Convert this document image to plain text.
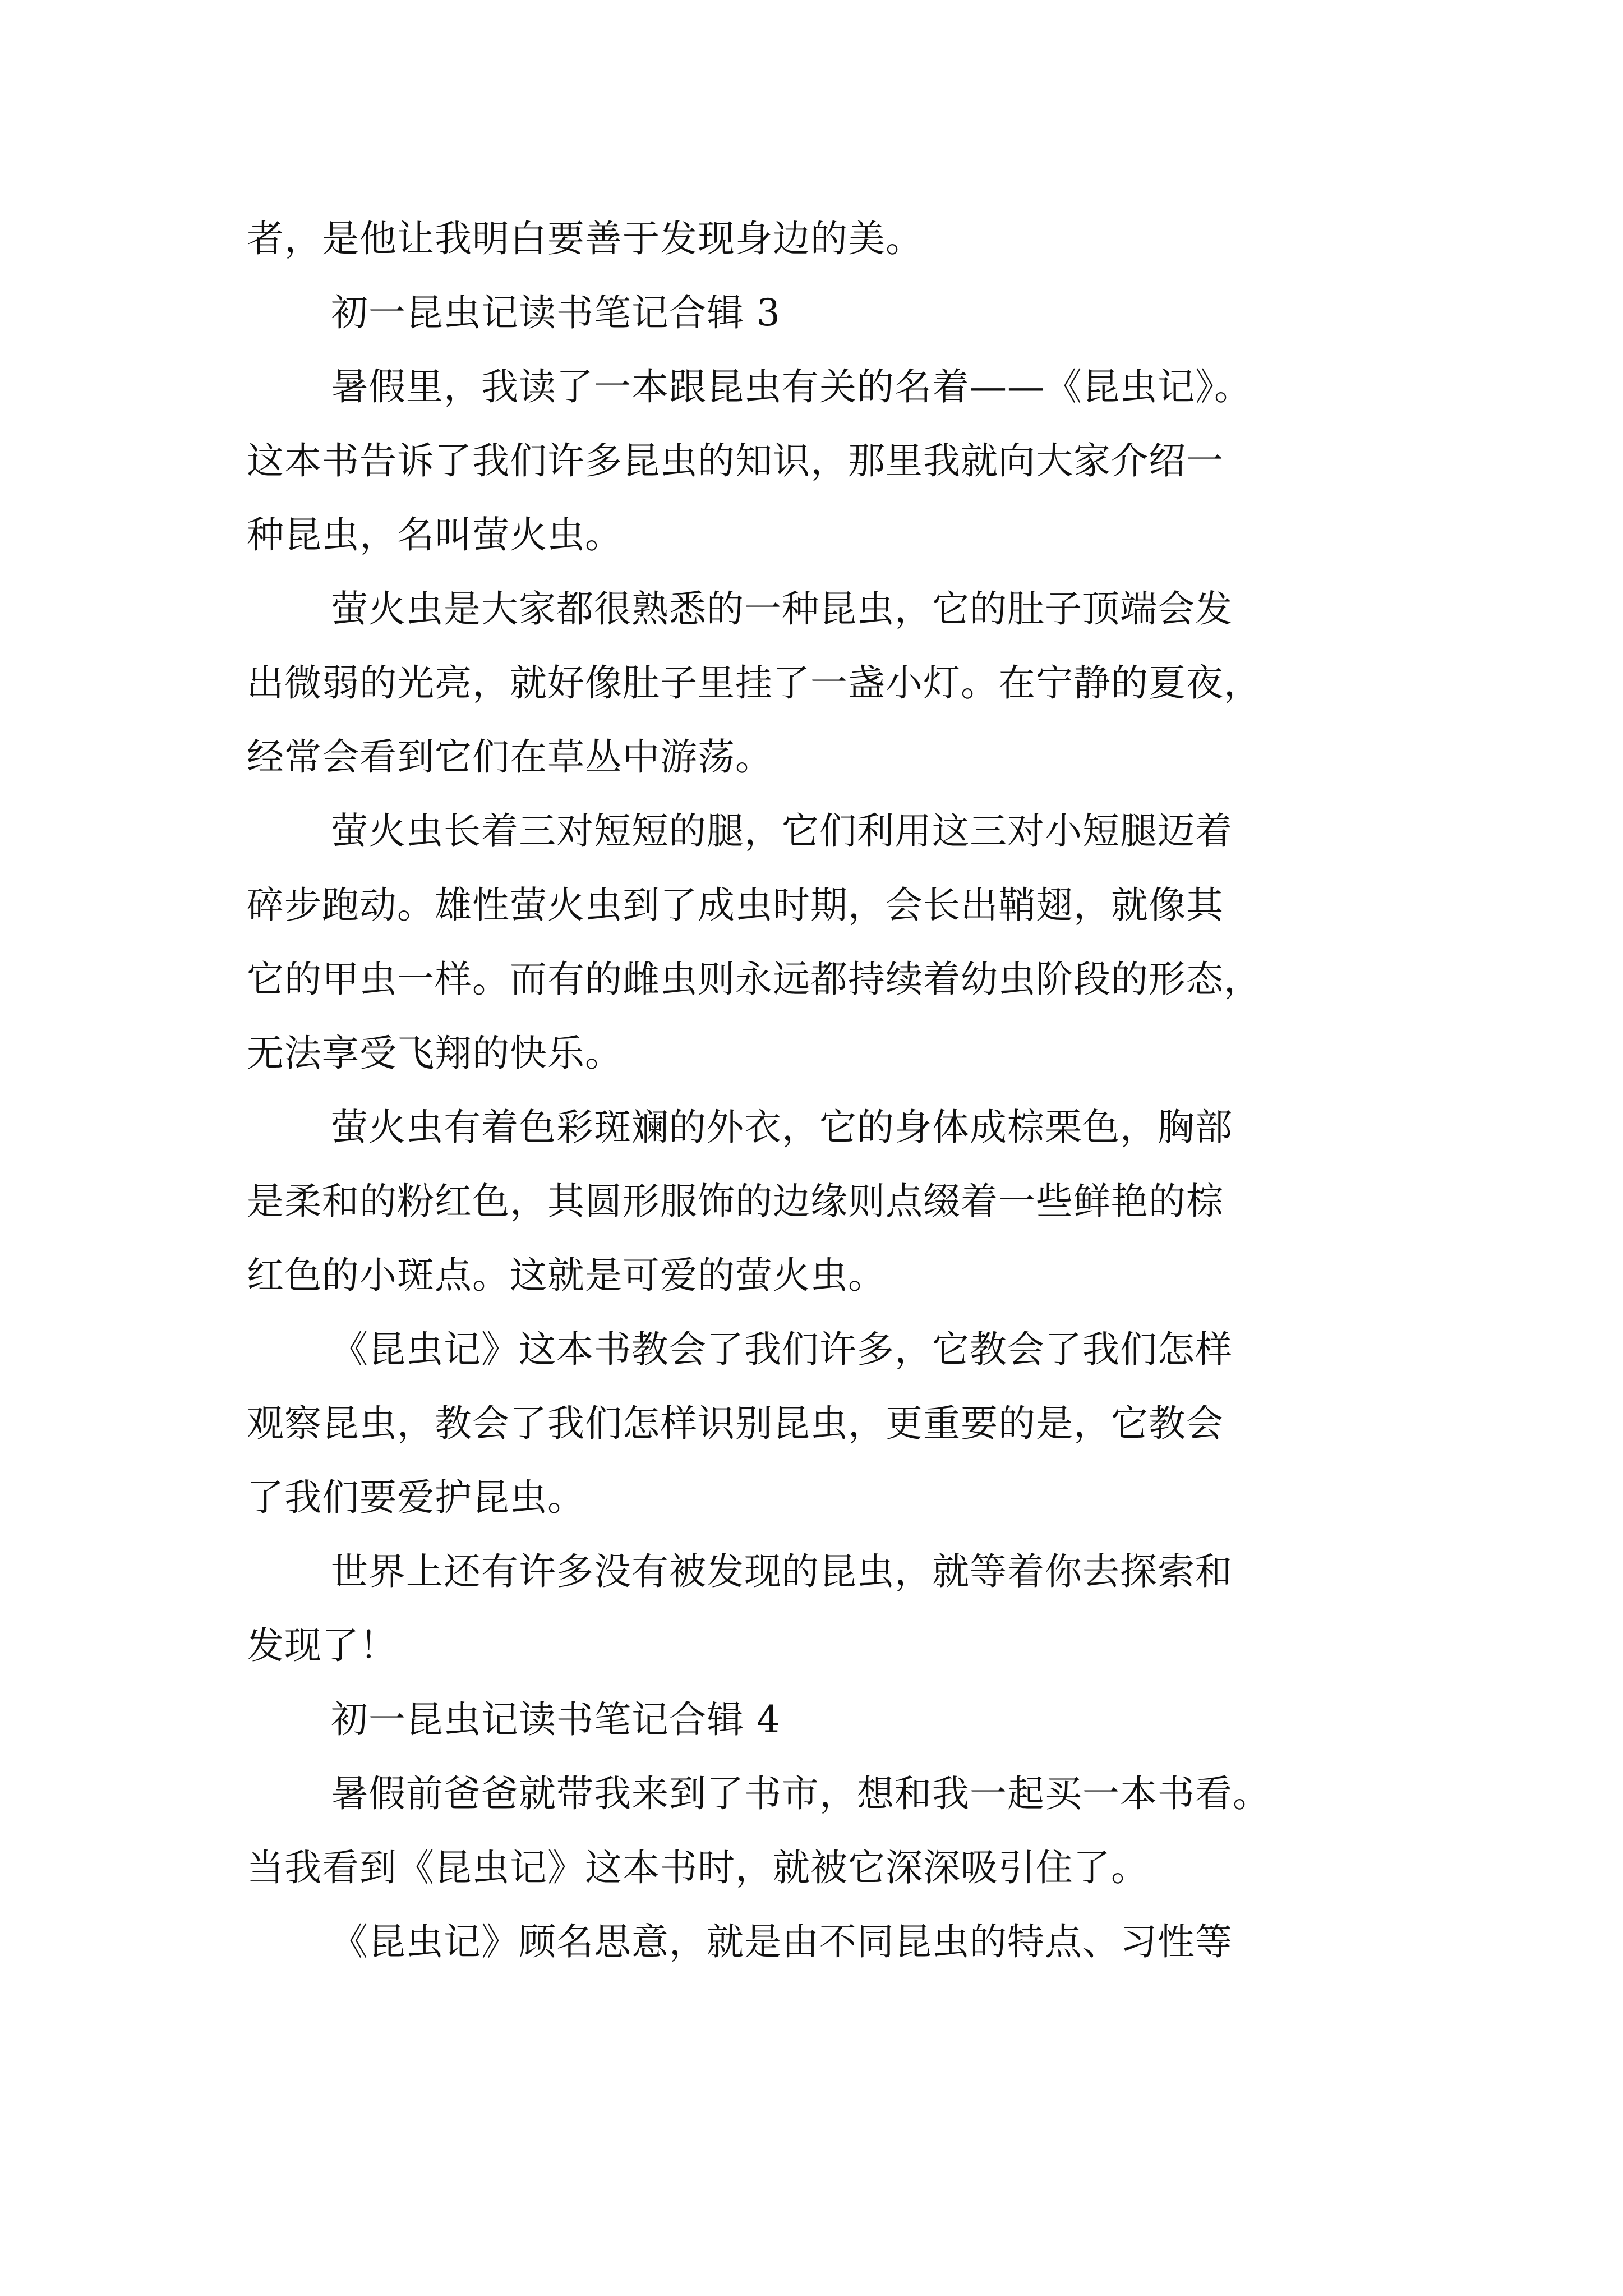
者，是他让我明白要善于发现身边的美。
初一昆虫记读书笔记合辑 3
暑假里，我读了一本跟昆虫有关的名着——《昆虫记》。
这本书告诉了我们许多昆虫的知识，那里我就向大家介绍一
种昆虫，名叫萤火虫。
萤火虫是大家都很熟悉的一种昆虫，它的肚子顶端会发
出微弱的光亮，就好像肚子里挂了一盏小灯。在宁静的夏夜，
经常会看到它们在草丛中游荡。
萤火虫长着三对短短的腿，它们利用这三对小短腿迈着
碎步跑动。雄性萤火虫到了成虫时期，会长出鞘翅，就像其
它的甲虫一样。而有的雌虫则永远都持续着幼虫阶段的形态，
无法享受飞翔的快乐。
萤火虫有着色彩斑斓的外衣，它的身体成棕栗色，胸部
是柔和的粉红色，其圆形服饰的边缘则点缀着一些鲜艳的棕
红色的小斑点。这就是可爱的萤火虫。
《昆虫记》这本书教会了我们许多，它教会了我们怎样
观察昆虫，教会了我们怎样识别昆虫，更重要的是，它教会
了我们要爱护昆虫。
世界上还有许多没有被发现的昆虫，就等着你去探索和
发现了！
初一昆虫记读书笔记合辑 4
暑假前爸爸就带我来到了书市，想和我一起买一本书看。
当我看到《昆虫记》这本书时，就被它深深吸引住了。
《昆虫记》顾名思意，就是由不同昆虫的特点、习性等
